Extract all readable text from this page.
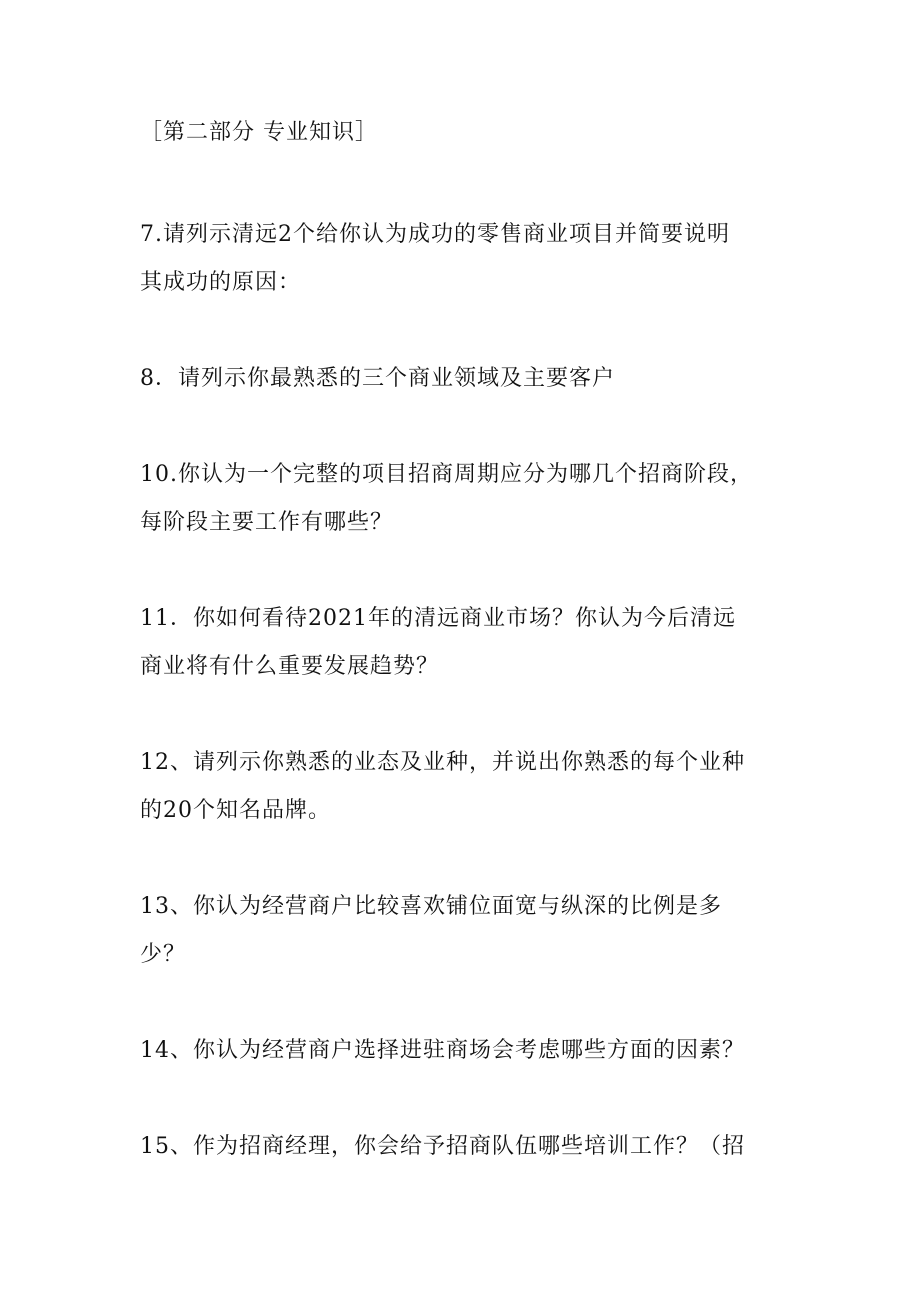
［第二部分 专业知识］
7.请列示清远2个给你认为成功的零售商业项目并简要说明
其成功的原因：
8．请列示你最熟悉的三个商业领域及主要客户
10.你认为一个完整的项目招商周期应分为哪几个招商阶段，
每阶段主要工作有哪些？
11．你如何看待2021年的清远商业市场？你认为今后清远
商业将有什么重要发展趋势？
12、请列示你熟悉的业态及业种，并说出你熟悉的每个业种
的20个知名品牌。
13、你认为经营商户比较喜欢铺位面宽与纵深的比例是多
少？
14、你认为经营商户选择进驻商场会考虑哪些方面的因素？
15、作为招商经理，你会给予招商队伍哪些培训工作？（招
